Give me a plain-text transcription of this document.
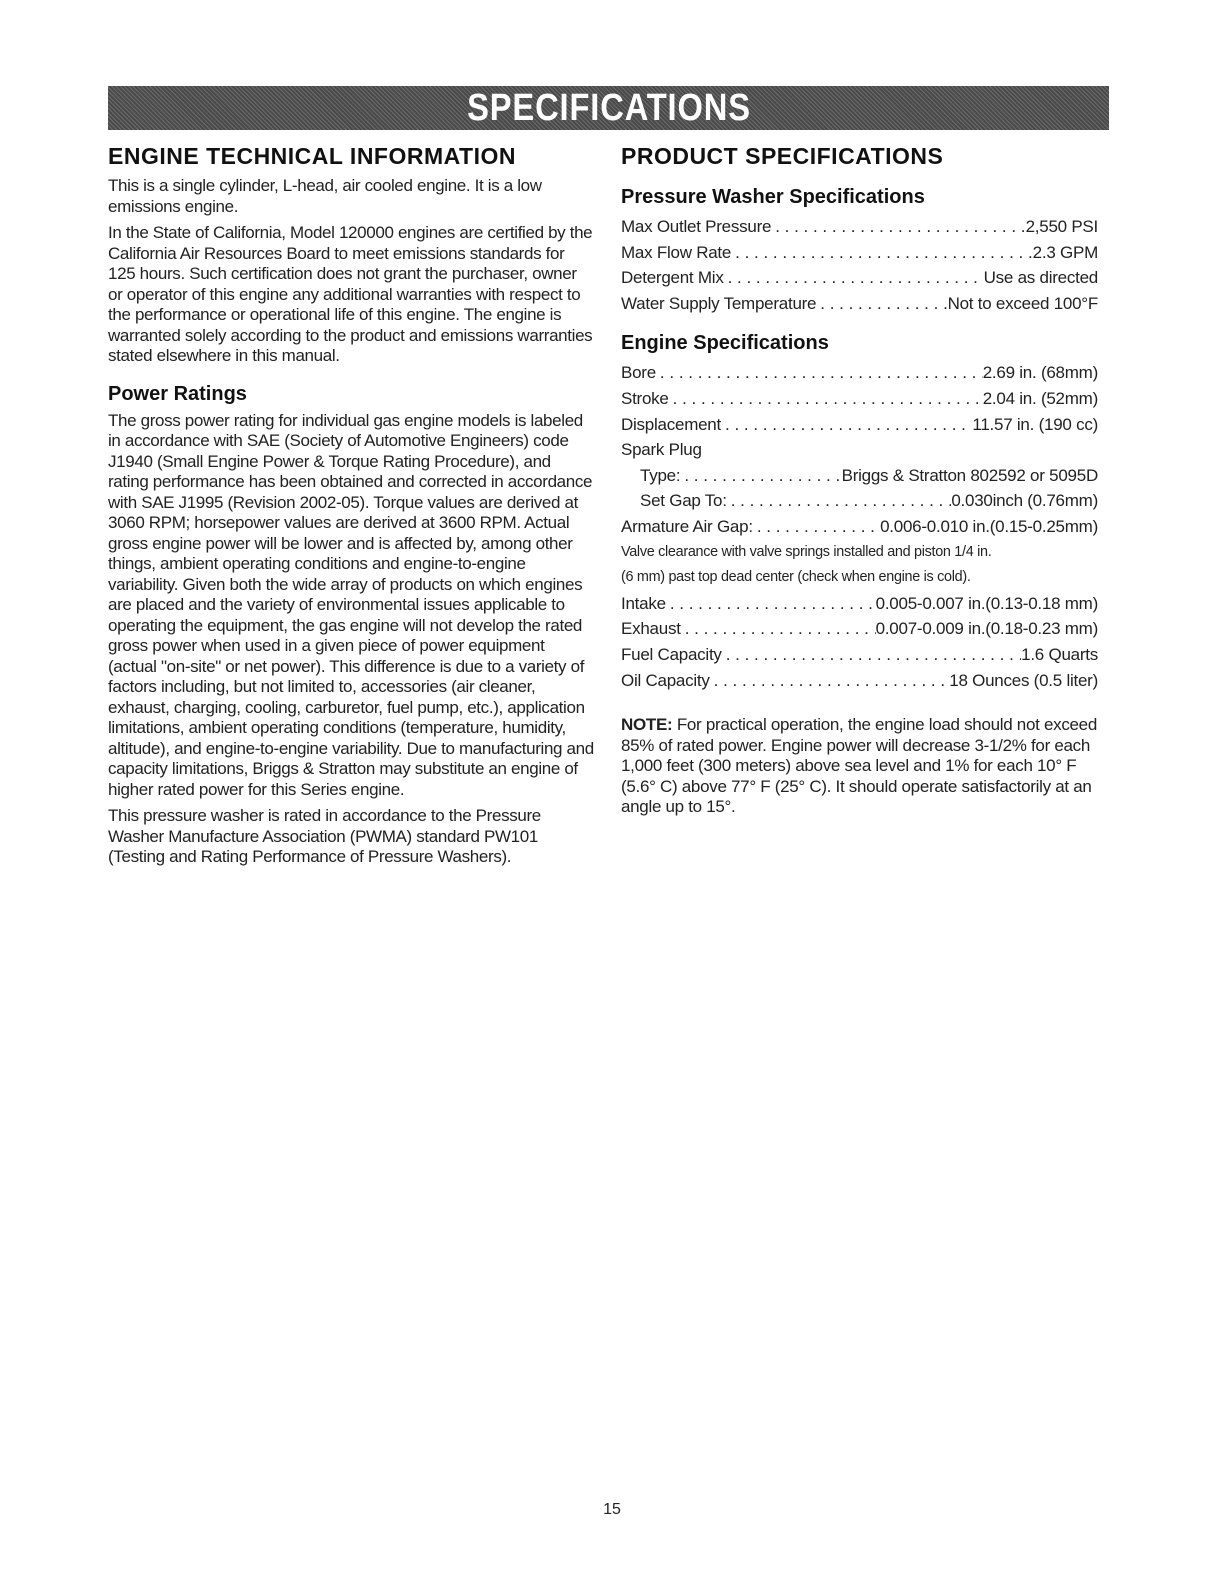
SPECIFICATIONS
ENGINE TECHNICAL INFORMATION

This is a single cylinder, L-head, air cooled engine. It is a low emissions engine.

In the State of California, Model 120000 engines are certified by the California Air Resources Board to meet emissions standards for 125 hours. Such certification does not grant the purchaser, owner or operator of this engine any additional warranties with respect to the performance or operational life of this engine. The engine is warranted solely according to the product and emissions warranties stated elsewhere in this manual.

Power Ratings

The gross power rating for individual gas engine models is labeled in accordance with SAE (Society of Automotive Engineers) code J1940 (Small Engine Power & Torque Rating Procedure), and rating performance has been obtained and corrected in accordance with SAE J1995 (Revision 2002-05). Torque values are derived at 3060 RPM; horsepower values are derived at 3600 RPM. Actual gross engine power will be lower and is affected by, among other things, ambient operating conditions and engine-to-engine variability. Given both the wide array of products on which engines are placed and the variety of environmental issues applicable to operating the equipment, the gas engine will not develop the rated gross power when used in a given piece of power equipment (actual "on-site" or net power). This difference is due to a variety of factors including, but not limited to, accessories (air cleaner, exhaust, charging, cooling, carburetor, fuel pump, etc.), application limitations, ambient operating conditions (temperature, humidity, altitude), and engine-to-engine variability. Due to manufacturing and capacity limitations, Briggs & Stratton may substitute an engine of higher rated power for this Series engine.

This pressure washer is rated in accordance to the Pressure Washer Manufacture Association (PWMA) standard PW101 (Testing and Rating Performance of Pressure Washers).

PRODUCT SPECIFICATIONS
Pressure Washer Specifications
Max Outlet Pressure . . .	2,550 PSI
Max Flow Rate . . .	2.3 GPM
Detergent Mix . . .	Use as directed
Water Supply Temperature . . .	Not to exceed 100°F
Engine Specifications
Bore . . .	2.69 in. (68mm)
Stroke . . .	2.04 in. (52mm)
Displacement . . .	11.57 in. (190 cc)
Spark Plug
Type: . . .	Briggs & Stratton 802592 or 5095D
Set Gap To: . . .	0.030inch (0.76mm)
Armature Air Gap: . . .	0.006-0.010 in.(0.15-0.25mm)
Valve clearance with valve springs installed and piston 1/4 in.
(6 mm) past top dead center (check when engine is cold).
Intake . . .	0.005-0.007 in.(0.13-0.18 mm)
Exhaust . . .	0.007-0.009 in.(0.18-0.23 mm)
Fuel Capacity . . .	1.6 Quarts
Oil Capacity . . .	18 Ounces (0.5 liter)

NOTE: For practical operation, the engine load should not exceed 85% of rated power. Engine power will decrease 3-1/2% for each 1,000 feet (300 meters) above sea level and 1% for each 10° F (5.6° C) above 77° F (25° C). It should operate satisfactorily at an angle up to 15°.

15
